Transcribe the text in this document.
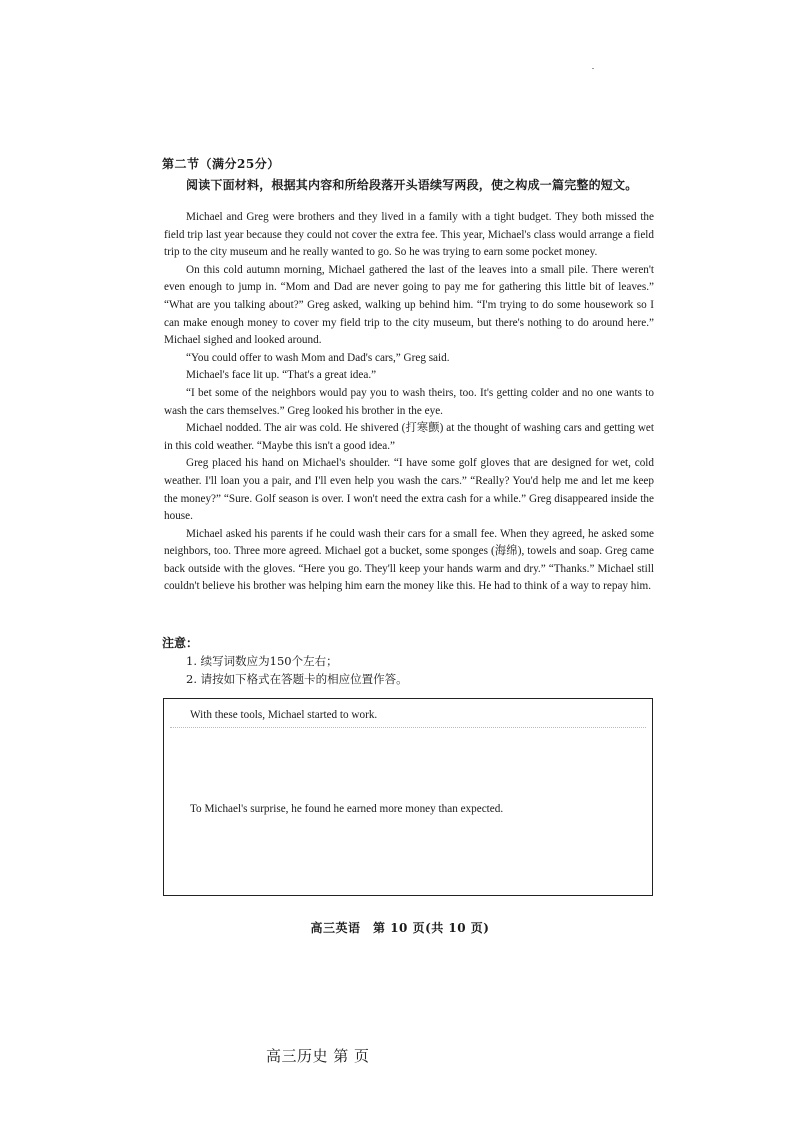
第二节（满分25分）
阅读下面材料，根据其内容和所给段落开头语续写两段，使之构成一篇完整的短文。

Michael and Greg were brothers and they lived in a family with a tight budget. They both missed the field trip last year because they could not cover the extra fee. This year, Michael's class would arrange a field trip to the city museum and he really wanted to go. So he was trying to earn some pocket money.

On this cold autumn morning, Michael gathered the last of the leaves into a small pile. There weren't even enough to jump in. “Mom and Dad are never going to pay me for gathering this little bit of leaves.” “What are you talking about?” Greg asked, walking up behind him. “I'm trying to do some housework so I can make enough money to cover my field trip to the city museum, but there's nothing to do around here.” Michael sighed and looked around.

“You could offer to wash Mom and Dad's cars,” Greg said.

Michael's face lit up. “That's a great idea.”

“I bet some of the neighbors would pay you to wash theirs, too. It's getting colder and no one wants to wash the cars themselves.” Greg looked his brother in the eye.

Michael nodded. The air was cold. He shivered (打寒颤) at the thought of washing cars and getting wet in this cold weather. “Maybe this isn't a good idea.”

Greg placed his hand on Michael's shoulder. “I have some golf gloves that are designed for wet, cold weather. I'll loan you a pair, and I'll even help you wash the cars.” “Really? You'd help me and let me keep the money?” “Sure. Golf season is over. I won't need the extra cash for a while.” Greg disappeared inside the house.

Michael asked his parents if he could wash their cars for a small fee. When they agreed, he asked some neighbors, too. Three more agreed. Michael got a bucket, some sponges (海绵), towels and soap. Greg came back outside with the gloves. “Here you go. They'll keep your hands warm and dry.” “Thanks.” Michael still couldn't believe his brother was helping him earn the money like this. He had to think of a way to repay him.

注意：
1. 续写词数应为150个左右；
2. 请按如下格式在答题卡的相应位置作答。
With these tools, Michael started to work.
To Michael's surprise, he found he earned more money than expected.
高三英语　第 10 页(共 10 页)
高三历史 第 页
